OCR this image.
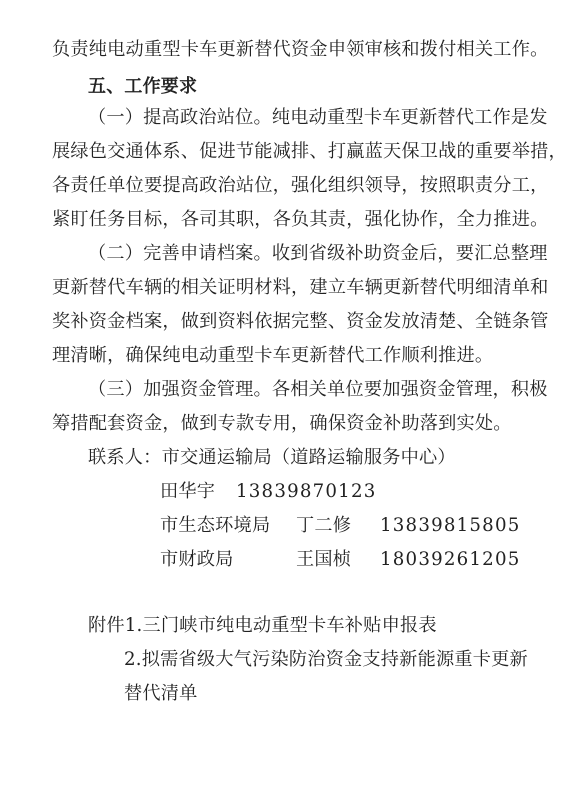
负责纯电动重型卡车更新替代资金申领审核和拨付相关工作。
五、工作要求
（一）提高政治站位。纯电动重型卡车更新替代工作是发
展绿色交通体系、促进节能减排、打赢蓝天保卫战的重要举措，
各责任单位要提高政治站位，强化组织领导，按照职责分工，
紧盯任务目标，各司其职，各负其责，强化协作，全力推进。
（二）完善申请档案。收到省级补助资金后，要汇总整理
更新替代车辆的相关证明材料，建立车辆更新替代明细清单和
奖补资金档案，做到资料依据完整、资金发放清楚、全链条管
理清晰，确保纯电动重型卡车更新替代工作顺利推进。
（三）加强资金管理。各相关单位要加强资金管理，积极
筹措配套资金，做到专款专用，确保资金补助落到实处。
联系人：市交通运输局（道路运输服务中心）
田华宇 13839870123
市生态环境局 丁二修 13839815805
市财政局	王国桢 18039261205
附件1.三门峡市纯电动重型卡车补贴申报表
2.拟需省级大气污染防治资金支持新能源重卡更新
替代清单
